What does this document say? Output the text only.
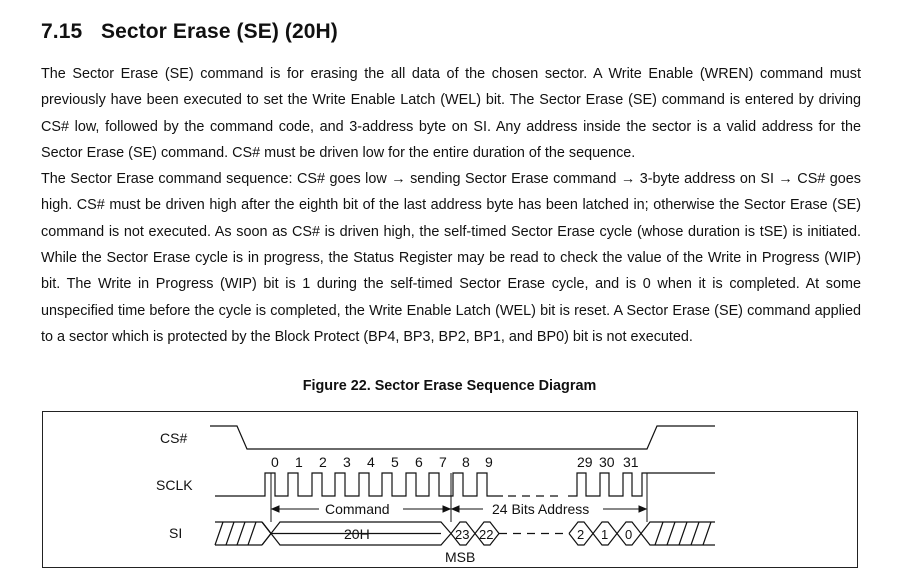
7.15 Sector Erase (SE) (20H)

The Sector Erase (SE) command is for erasing the all data of the chosen sector. A Write Enable (WREN) command must previously have been executed to set the Write Enable Latch (WEL) bit. The Sector Erase (SE) command is entered by driving CS# low, followed by the command code, and 3-address byte on SI. Any address inside the sector is a valid address for the Sector Erase (SE) command. CS# must be driven low for the entire duration of the sequence.

The Sector Erase command sequence: CS# goes low → sending Sector Erase command → 3-byte address on SI → CS# goes high. CS# must be driven high after the eighth bit of the last address byte has been latched in; otherwise the Sector Erase (SE) command is not executed. As soon as CS# is driven high, the self-timed Sector Erase cycle (whose duration is tSE) is initiated. While the Sector Erase cycle is in progress, the Status Register may be read to check the value of the Write in Progress (WIP) bit. The Write in Progress (WIP) bit is 1 during the self-timed Sector Erase cycle, and is 0 when it is completed. At some unspecified time before the cycle is completed, the Write Enable Latch (WEL) bit is reset. A Sector Erase (SE) command applied to a sector which is protected by the Block Protect (BP4, BP3, BP2, BP1, and BP0) bit is not executed.

Figure 22. Sector Erase Sequence Diagram
CS#
SCLK
SI
0 1 2 3 4 5 6 7 8 9	29 30 31
Command	24 Bits Address
20H	23 22	2 1 0
MSB
